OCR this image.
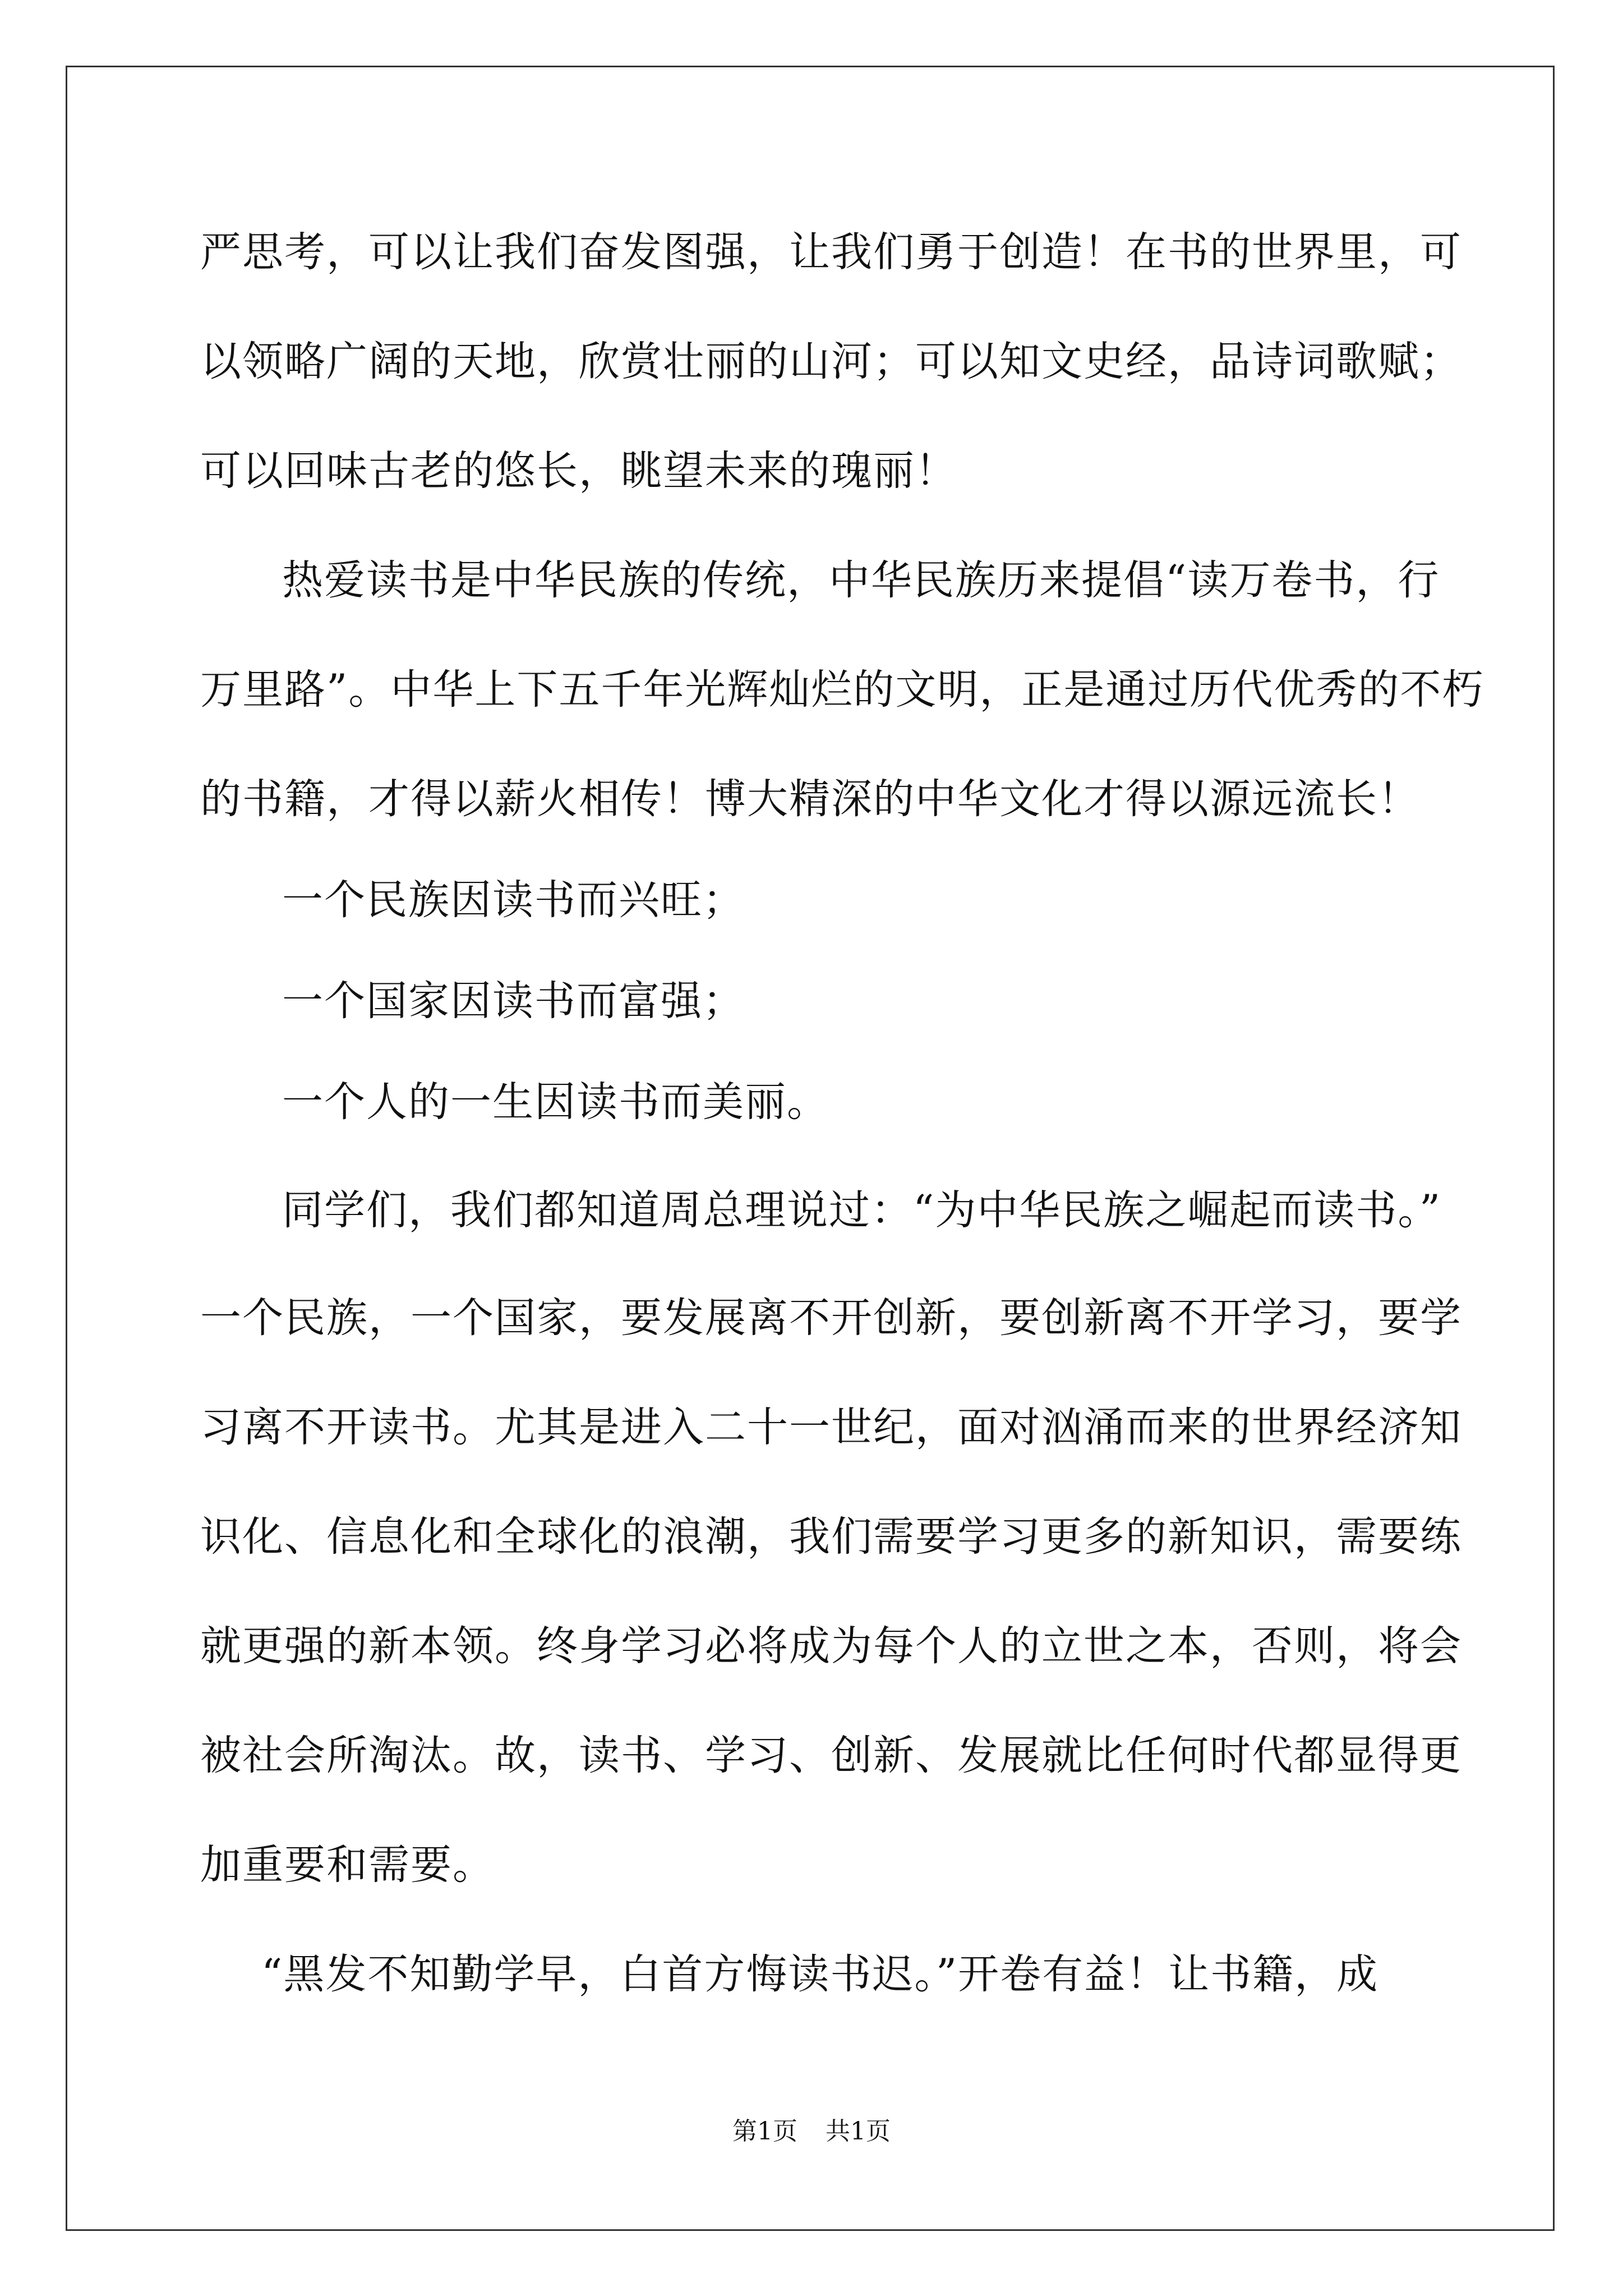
严思考，可以让我们奋发图强，让我们勇于创造！在书的世界里，可
以领略广阔的天地，欣赏壮丽的山河；可以知文史经，品诗词歌赋；
可以回味古老的悠长，眺望未来的瑰丽！
热爱读书是中华民族的传统，中华民族历来提倡“读万卷书，行
万里路”。中华上下五千年光辉灿烂的文明，正是通过历代优秀的不朽
的书籍，才得以薪火相传！博大精深的中华文化才得以源远流长！
一个民族因读书而兴旺；
一个国家因读书而富强；
一个人的一生因读书而美丽。
同学们，我们都知道周总理说过：“为中华民族之崛起而读书。”
一个民族，一个国家，要发展离不开创新，要创新离不开学习，要学
习离不开读书。尤其是进入二十一世纪，面对汹涌而来的世界经济知
识化、信息化和全球化的浪潮，我们需要学习更多的新知识，需要练
就更强的新本领。终身学习必将成为每个人的立世之本，否则，将会
被社会所淘汰。故，读书、学习、创新、发展就比任何时代都显得更
加重要和需要。
“黑发不知勤学早，白首方悔读书迟。”开卷有益！让书籍，成
第1页 共1页
